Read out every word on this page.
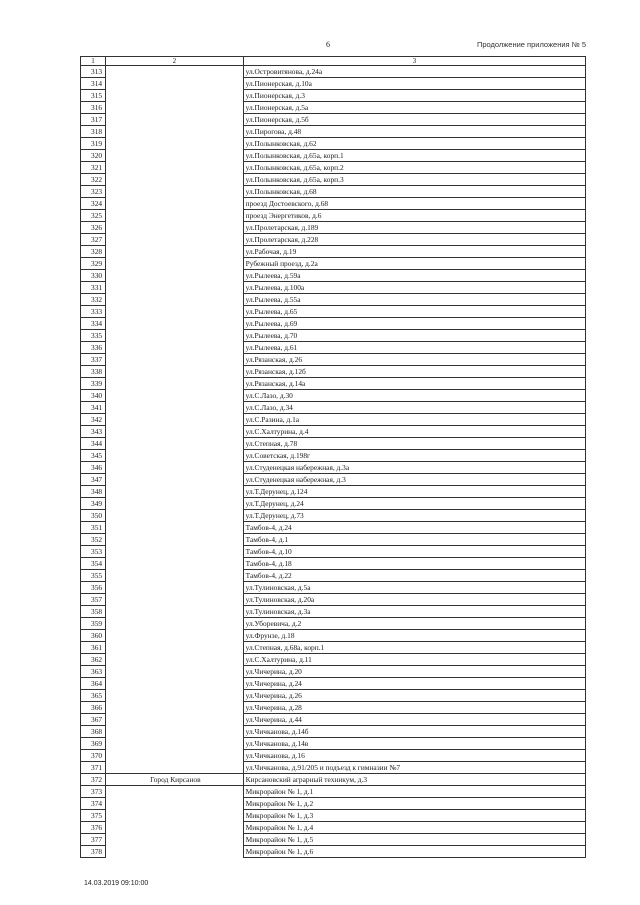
6	Продолжение приложения № 5
1	2	3
313		ул.Островитянова, д.24а
314		ул.Пионерская, д.10а
315		ул.Пионерская, д.3
316		ул.Пионерская, д.5а
317		ул.Пионерская, д.5б
318		ул.Пирогова, д.48
319		ул.Полынковская, д.62
320		ул.Полынковская, д.65а, корп.1
321		ул.Полынковская, д.65а, корп.2
322		ул.Полынковская, д.65а, корп.3
323		ул.Полынковская, д.68
324		проезд Достоевского, д.68
325		проезд Энергетиков, д.6
326		ул.Пролетарская, д.189
327		ул.Пролетарская, д.228
328		ул.Рабочая, д.19
329		Рубежный проезд, д.2а
330		ул.Рылеева, д.59а
331		ул.Рылеева, д.100а
332		ул.Рылеева, д.55а
333		ул.Рылеева, д.65
334		ул.Рылеева, д.69
335		ул.Рылеева, д.70
336		ул.Рылеева, д.61
337		ул.Рязанская, д.26
338		ул.Рязанская, д.12б
339		ул.Рязанская, д.14а
340		ул.С.Лазо, д.30
341		ул.С.Лазо, д.34
342		ул.С.Разина, д.1а
343		ул.С.Халтурина, д.4
344		ул.Степная, д.78
345		ул.Советская, д.198г
346		ул.Студенецкая набережная, д.3а
347		ул.Студенецкая набережная, д.3
348		ул.Т.Дерунец, д.124
349		ул.Т.Дерунец, д.24
350		ул.Т.Дерунец, д.73
351		Тамбов-4, д.24
352		Тамбов-4, д.1
353		Тамбов-4, д.10
354		Тамбов-4, д.18
355		Тамбов-4, д.22
356		ул.Тулиновская, д.5а
357		ул.Тулиновская, д.20а
358		ул.Тулиновская, д.3а
359		ул.Уборевича, д.2
360		ул.Фрунзе, д.18
361		ул.Степная, д.68а, корп.1
362		ул.С.Халтурина, д.11
363		ул.Чичерина, д.20
364		ул.Чичерина, д.24
365		ул.Чичерина, д.26
366		ул.Чичерина, д.28
367		ул.Чичерина, д.44
368		ул.Чичканова, д.14б
369		ул.Чичканова, д.14в
370		ул.Чичканова, д.16
371		ул.Чичканова, д.91/205 и подъезд к гимназии №7
372	Город Кирсанов	Кирсановский аграрный техникум, д.3
373		Микрорайон № 1, д.1
374		Микрорайон № 1, д.2
375		Микрорайон № 1, д.3
376		Микрорайон № 1, д.4
377		Микрорайон № 1, д.5
378		Микрорайон № 1, д.6
14.03.2019 09:10:00
